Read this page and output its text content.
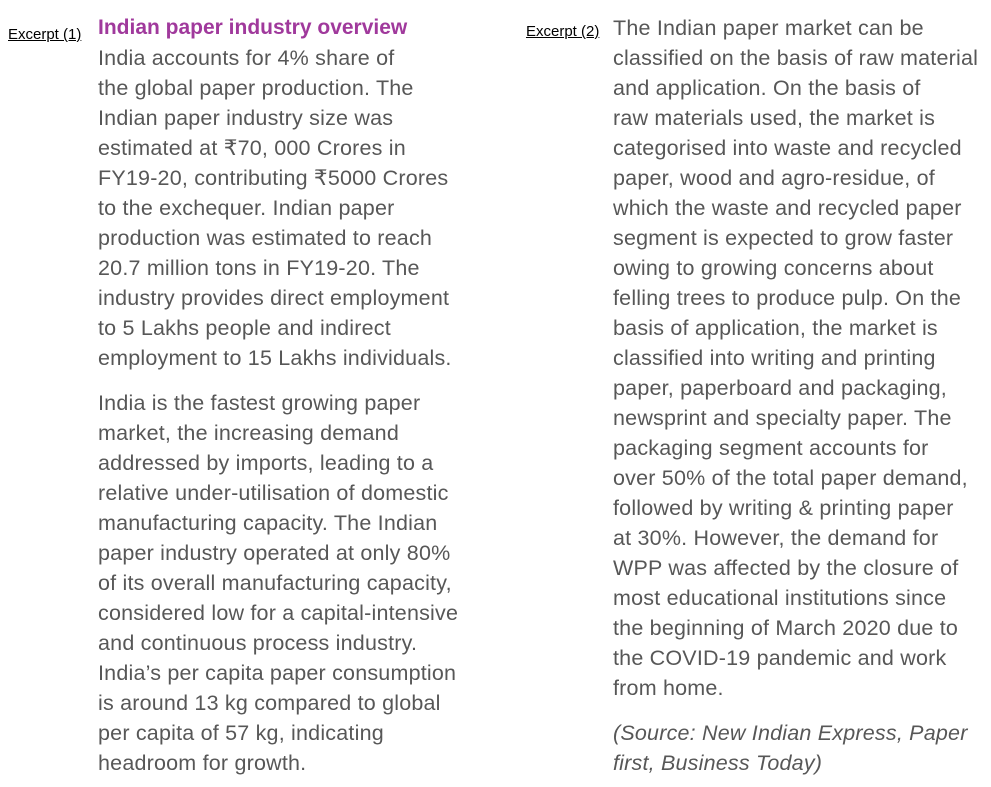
Excerpt (1) Indian paper industry overview
India accounts for 4% share of
the global paper production. The
Indian paper industry size was
estimated at ₹70, 000 Crores in
FY19-20, contributing ₹5000 Crores
to the exchequer. Indian paper
production was estimated to reach
20.7 million tons in FY19-20. The
industry provides direct employment
to 5 Lakhs people and indirect
employment to 15 Lakhs individuals.
India is the fastest growing paper
market, the increasing demand
addressed by imports, leading to a
relative under-utilisation of domestic
manufacturing capacity. The Indian
paper industry operated at only 80%
of its overall manufacturing capacity,
considered low for a capital-intensive
and continuous process industry.
India’s per capita paper consumption
is around 13 kg compared to global
per capita of 57 kg, indicating
headroom for growth.
Excerpt (2) The Indian paper market can be
classified on the basis of raw material
and application. On the basis of
raw materials used, the market is
categorised into waste and recycled
paper, wood and agro-residue, of
which the waste and recycled paper
segment is expected to grow faster
owing to growing concerns about
felling trees to produce pulp. On the
basis of application, the market is
classified into writing and printing
paper, paperboard and packaging,
newsprint and specialty paper. The
packaging segment accounts for
over 50% of the total paper demand,
followed by writing & printing paper
at 30%. However, the demand for
WPP was affected by the closure of
most educational institutions since
the beginning of March 2020 due to
the COVID-19 pandemic and work
from home.
(Source: New Indian Express, Paper
first, Business Today)
